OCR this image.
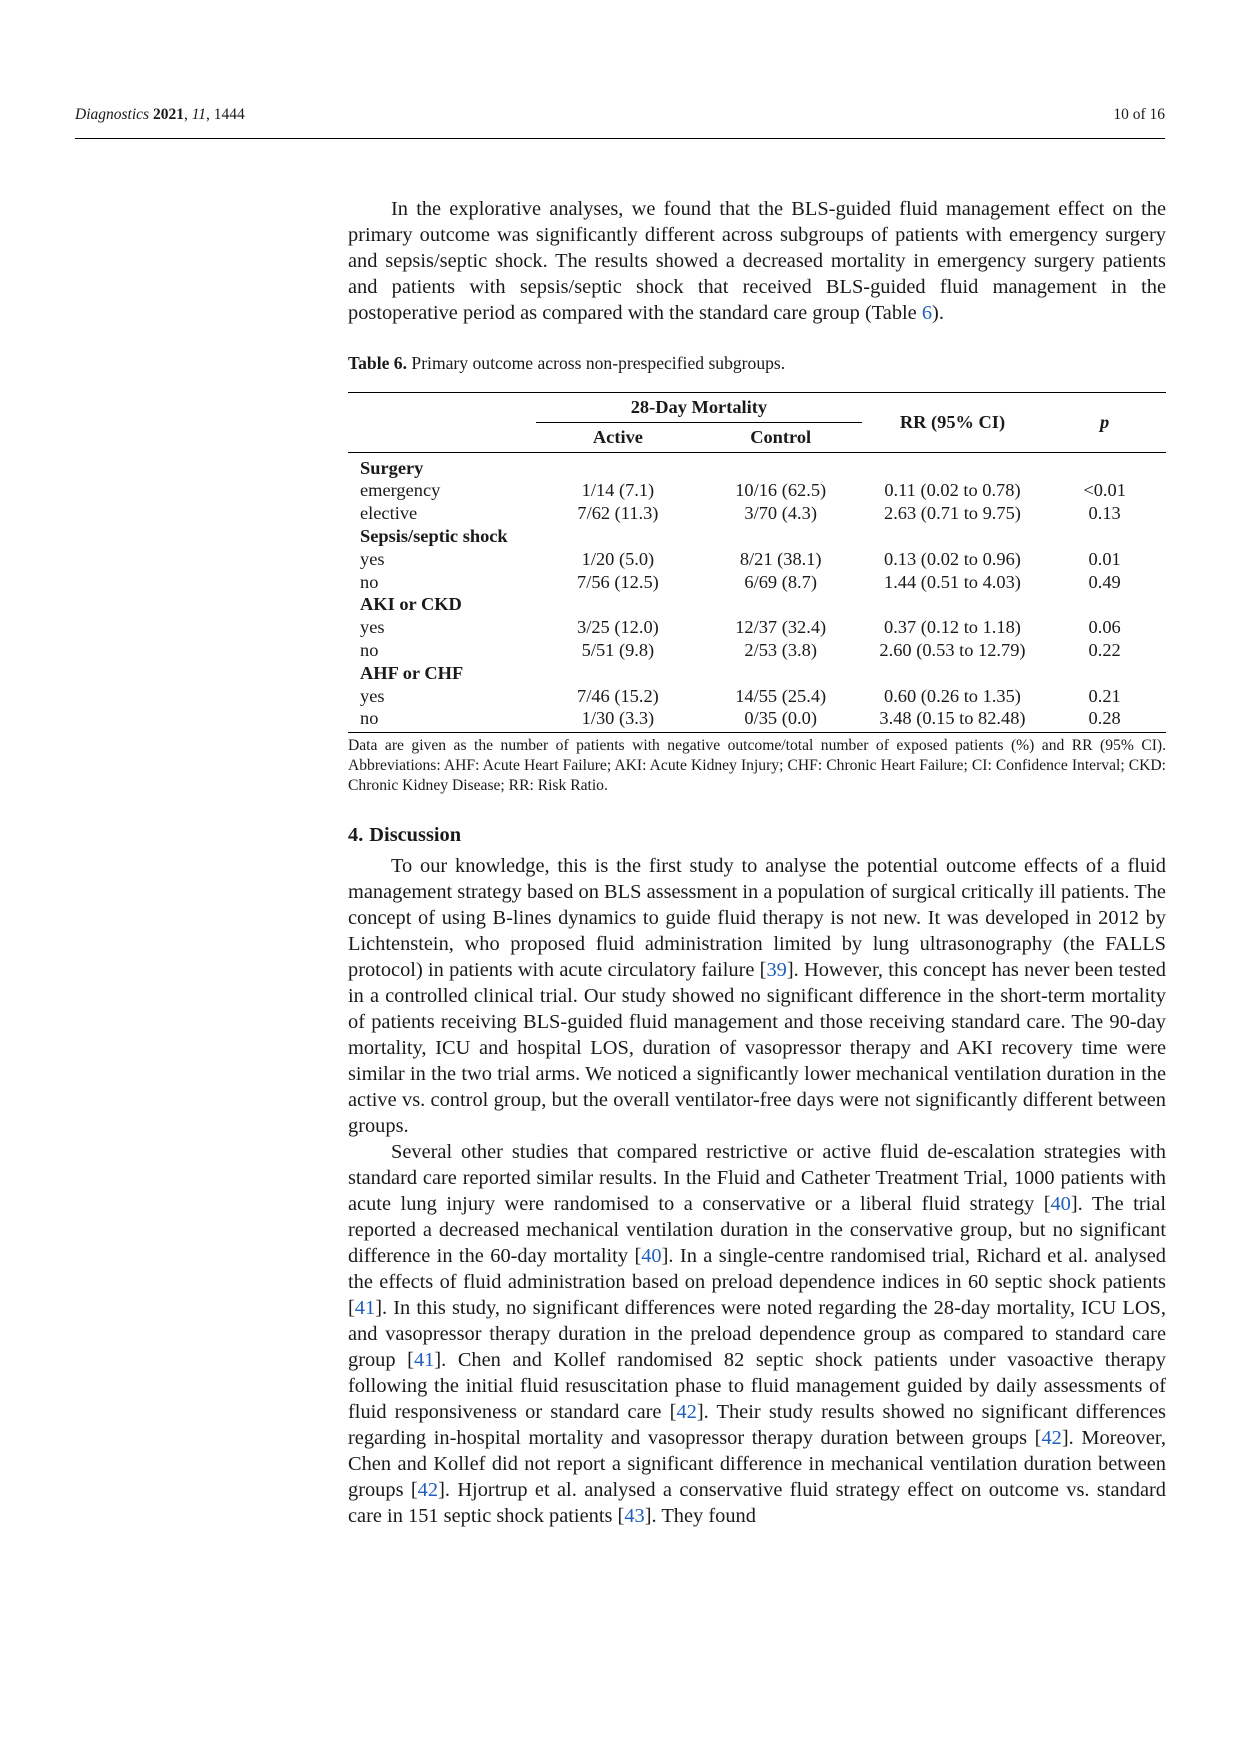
Diagnostics 2021, 11, 1444	10 of 16

In the explorative analyses, we found that the BLS-guided fluid management effect on the primary outcome was significantly different across subgroups of patients with emergency surgery and sepsis/septic shock. The results showed a decreased mortality in emergency surgery patients and patients with sepsis/septic shock that received BLS-guided fluid management in the postoperative period as compared with the standard care group (Table 6).

Table 6. Primary outcome across non-prespecified subgroups.
	28-Day Mortality		RR (95% CI)	p
	Active	Control		
Surgery				
emergency	1/14 (7.1)	10/16 (62.5)	0.11 (0.02 to 0.78)	<0.01
elective	7/62 (11.3)	3/70 (4.3)	2.63 (0.71 to 9.75)	0.13
Sepsis/septic shock				
yes	1/20 (5.0)	8/21 (38.1)	0.13 (0.02 to 0.96)	0.01
no	7/56 (12.5)	6/69 (8.7)	1.44 (0.51 to 4.03)	0.49
AKI or CKD				
yes	3/25 (12.0)	12/37 (32.4)	0.37 (0.12 to 1.18)	0.06
no	5/51 (9.8)	2/53 (3.8)	2.60 (0.53 to 12.79)	0.22
AHF or CHF				
yes	7/46 (15.2)	14/55 (25.4)	0.60 (0.26 to 1.35)	0.21
no	1/30 (3.3)	0/35 (0.0)	3.48 (0.15 to 82.48)	0.28
Data are given as the number of patients with negative outcome/total number of exposed patients (%) and RR (95% CI). Abbreviations: AHF: Acute Heart Failure; AKI: Acute Kidney Injury; CHF: Chronic Heart Failure; CI: Confidence Interval; CKD: Chronic Kidney Disease; RR: Risk Ratio.
4. Discussion

To our knowledge, this is the first study to analyse the potential outcome effects of a fluid management strategy based on BLS assessment in a population of surgical critically ill patients. The concept of using B-lines dynamics to guide fluid therapy is not new. It was developed in 2012 by Lichtenstein, who proposed fluid administration limited by lung ultrasonography (the FALLS protocol) in patients with acute circulatory failure [39]. However, this concept has never been tested in a controlled clinical trial. Our study showed no significant difference in the short-term mortality of patients receiving BLS-guided fluid management and those receiving standard care. The 90-day mortality, ICU and hospital LOS, duration of vasopressor therapy and AKI recovery time were similar in the two trial arms. We noticed a significantly lower mechanical ventilation duration in the active vs. control group, but the overall ventilator-free days were not significantly different between groups.

Several other studies that compared restrictive or active fluid de-escalation strategies with standard care reported similar results. In the Fluid and Catheter Treatment Trial, 1000 patients with acute lung injury were randomised to a conservative or a liberal fluid strategy [40]. The trial reported a decreased mechanical ventilation duration in the conservative group, but no significant difference in the 60-day mortality [40]. In a single-centre randomised trial, Richard et al. analysed the effects of fluid administration based on preload dependence indices in 60 septic shock patients [41]. In this study, no significant differences were noted regarding the 28-day mortality, ICU LOS, and vasopressor therapy duration in the preload dependence group as compared to standard care group [41]. Chen and Kollef randomised 82 septic shock patients under vasoactive therapy following the initial fluid resuscitation phase to fluid management guided by daily assessments of fluid responsiveness or standard care [42]. Their study results showed no significant differences regarding in-hospital mortality and vasopressor therapy duration between groups [42]. Moreover, Chen and Kollef did not report a significant difference in mechanical ventilation duration between groups [42]. Hjortrup et al. analysed a conservative fluid strategy effect on outcome vs. standard care in 151 septic shock patients [43]. They found
